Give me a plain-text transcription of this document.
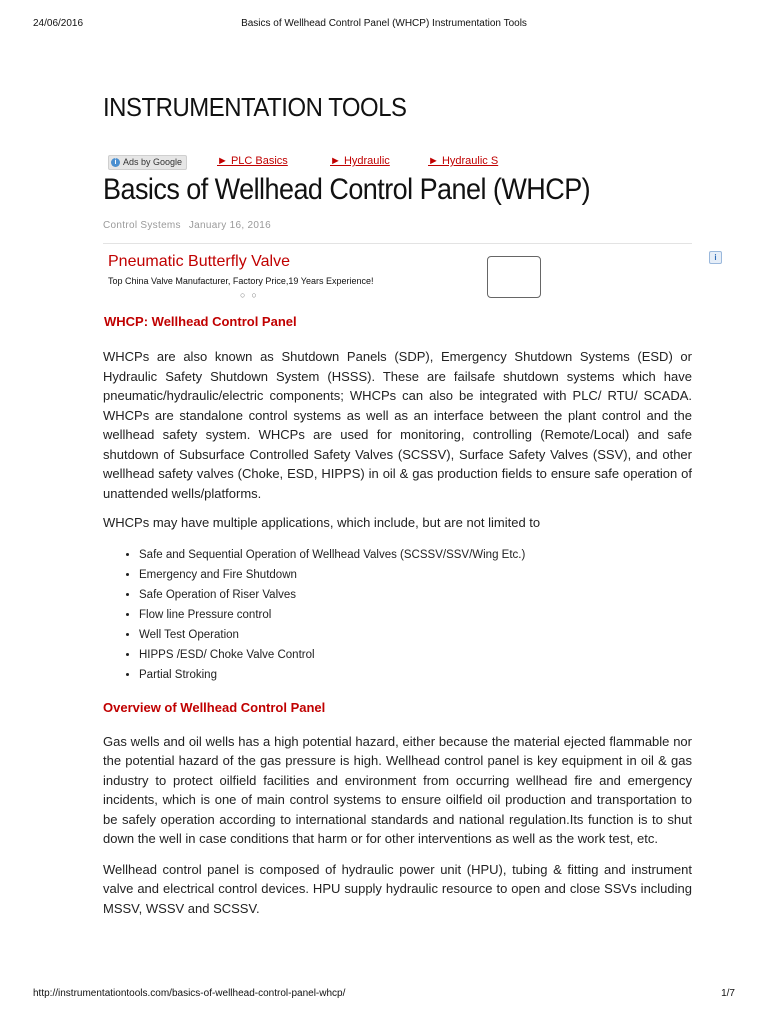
24/06/2016	Basics of Wellhead Control Panel (WHCP) Instrumentation Tools
INSTRUMENTATION TOOLS
i Ads by Google	► PLC Basics	► Hydraulic	► Hydraulic S
Basics of Wellhead Control Panel (WHCP)
Control Systems January 16, 2016
Pneumatic Butterfly Valve
Top China Valve Manufacturer, Factory Price,19 Years Experience!
○○
i
WHCP: Wellhead Control Panel

WHCPs are also known as Shutdown Panels (SDP), Emergency Shutdown Systems (ESD) or Hydraulic Safety Shutdown System (HSSS). These are failsafe shutdown systems which have pneumatic/hydraulic/electric components; WHCPs can also be integrated with PLC/ RTU/ SCADA. WHCPs are standalone control systems as well as an interface between the plant control and the wellhead safety system. WHCPs are used for monitoring, controlling (Remote/Local) and safe shutdown of Subsurface Controlled Safety Valves (SCSSV), Surface Safety Valves (SSV), and other wellhead safety valves (Choke, ESD, HIPPS) in oil & gas production fields to ensure safe operation of unattended wells/platforms.

WHCPs may have multiple applications, which include, but are not limited to

• Safe and Sequential Operation of Wellhead Valves (SCSSV/SSV/Wing Etc.)
• Emergency and Fire Shutdown
• Safe Operation of Riser Valves
• Flow line Pressure control
• Well Test Operation
• HIPPS /ESD/ Choke Valve Control
• Partial Stroking
Overview of Wellhead Control Panel

Gas wells and oil wells has a high potential hazard, either because the material ejected flammable nor the potential hazard of the gas pressure is high. Wellhead control panel is key equipment in oil & gas industry to protect oilfield facilities and environment from occurring wellhead fire and emergency incidents, which is one of main control systems to ensure oilfield oil production and transportation to be safely operation according to international standards and national regulation.Its function is to shut down the well in case conditions that harm or for other interventions as well as the work test, etc.

Wellhead control panel is composed of hydraulic power unit (HPU), tubing & fitting and instrument valve and electrical control devices. HPU supply hydraulic resource to open and close SSVs including MSSV, WSSV and SCSSV.

http://instrumentationtools.com/basics-of-wellhead-control-panel-whcp/	1/7
